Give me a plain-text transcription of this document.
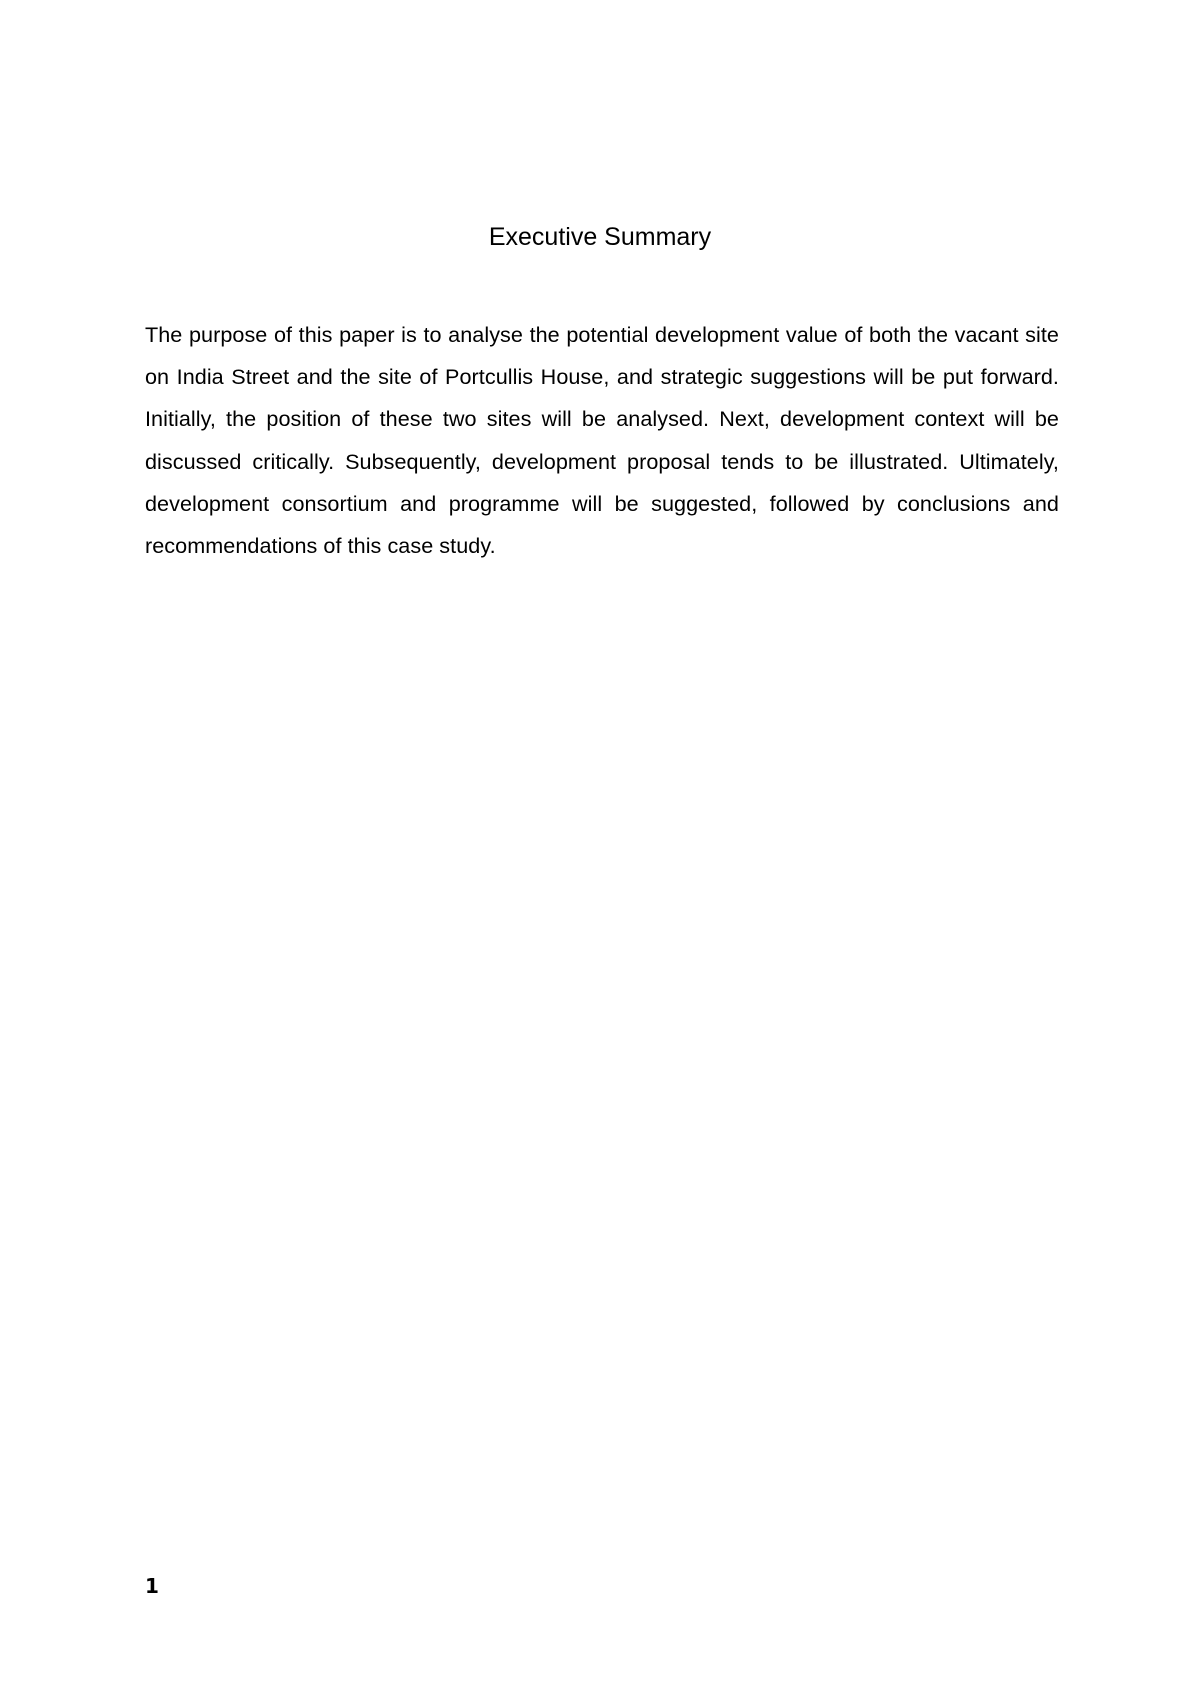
Executive Summary

The purpose of this paper is to analyse the potential development value of both the vacant site on India Street and the site of Portcullis House, and strategic suggestions will be put forward. Initially, the position of these two sites will be analysed. Next, development context will be discussed critically. Subsequently, development proposal tends to be illustrated. Ultimately, development consortium and programme will be suggested, followed by conclusions and recommendations of this case study.

1
